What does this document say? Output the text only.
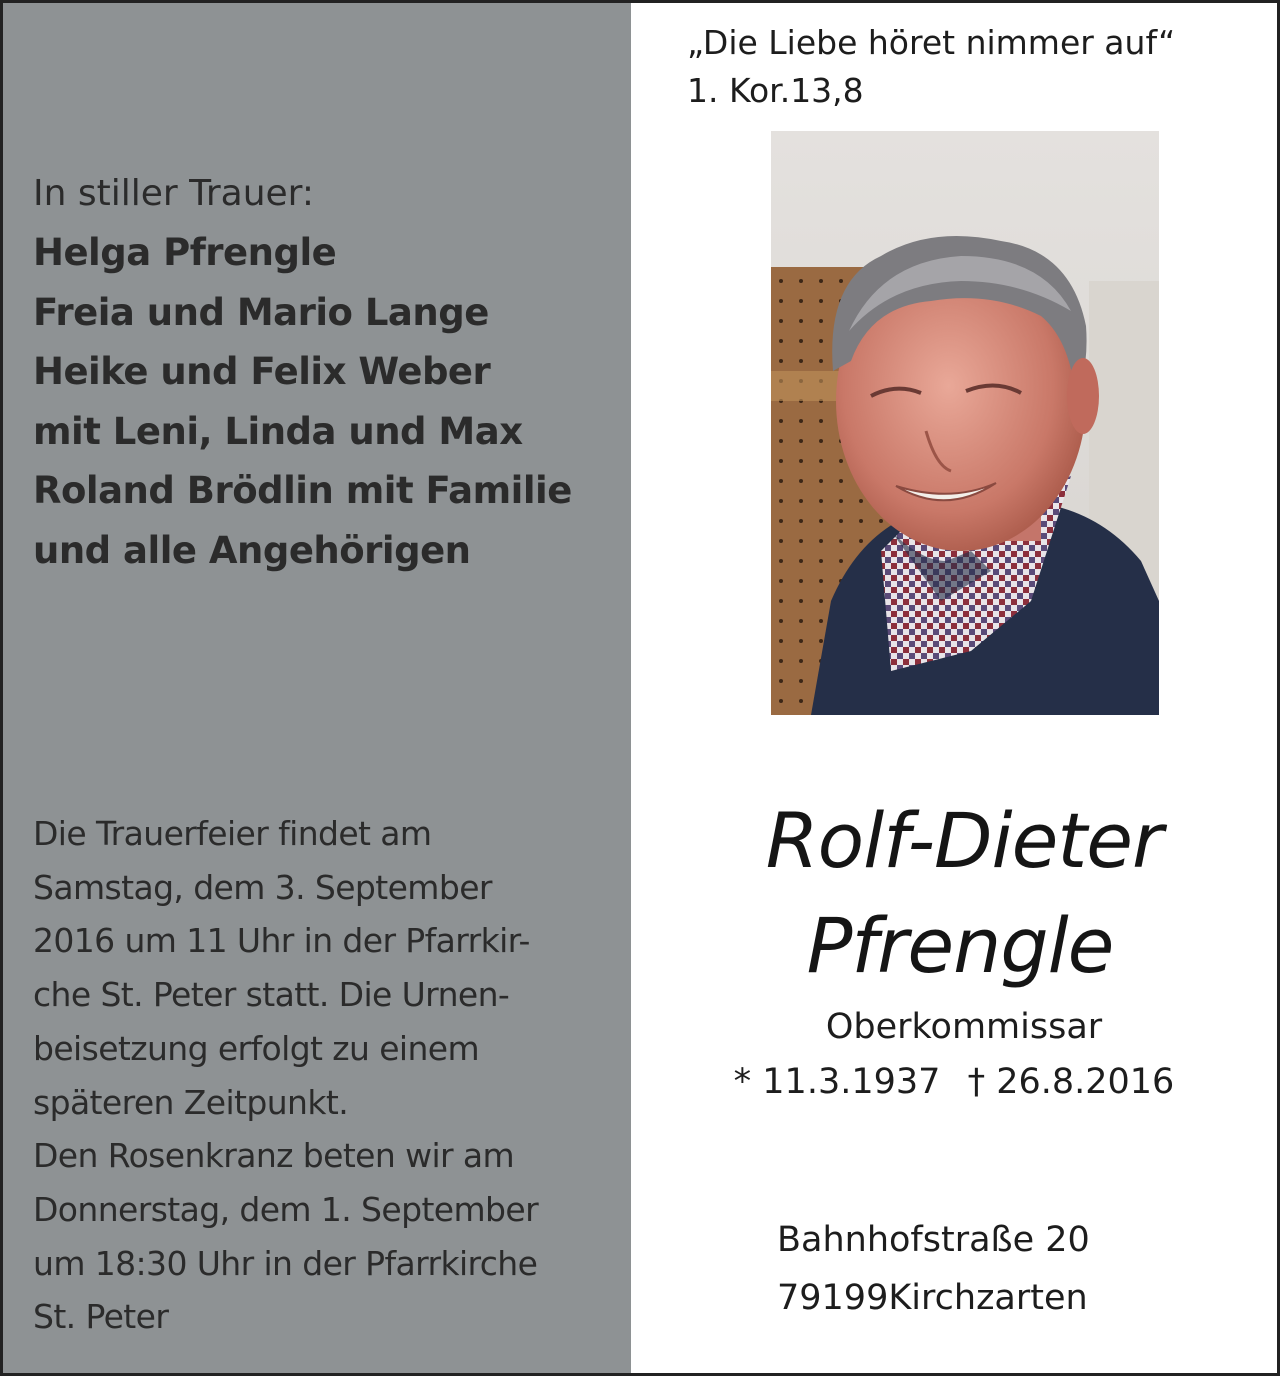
In stiller Trauer:
Helga Pfrengle
Freia und Mario Lange
Heike und Felix Weber
mit Leni, Linda und Max
Roland Brödlin mit Familie
und alle Angehörigen
Die Trauerfeier findet am
Samstag, dem 3. September
2016 um 11 Uhr in der Pfarrkir-
che St. Peter statt. Die Urnen-
beisetzung erfolgt zu einem
späteren Zeitpunkt.
Den Rosenkranz beten wir am
Donnerstag, dem 1. September
um 18:30 Uhr in der Pfarrkirche
St. Peter
„Die Liebe höret nimmer auf“
1. Kor.13,8
Rolf-Dieter
Pfrengle
Oberkommissar
* 11.3.1937 † 26.8.2016
Bahnhofstraße 20
79199Kirchzarten
